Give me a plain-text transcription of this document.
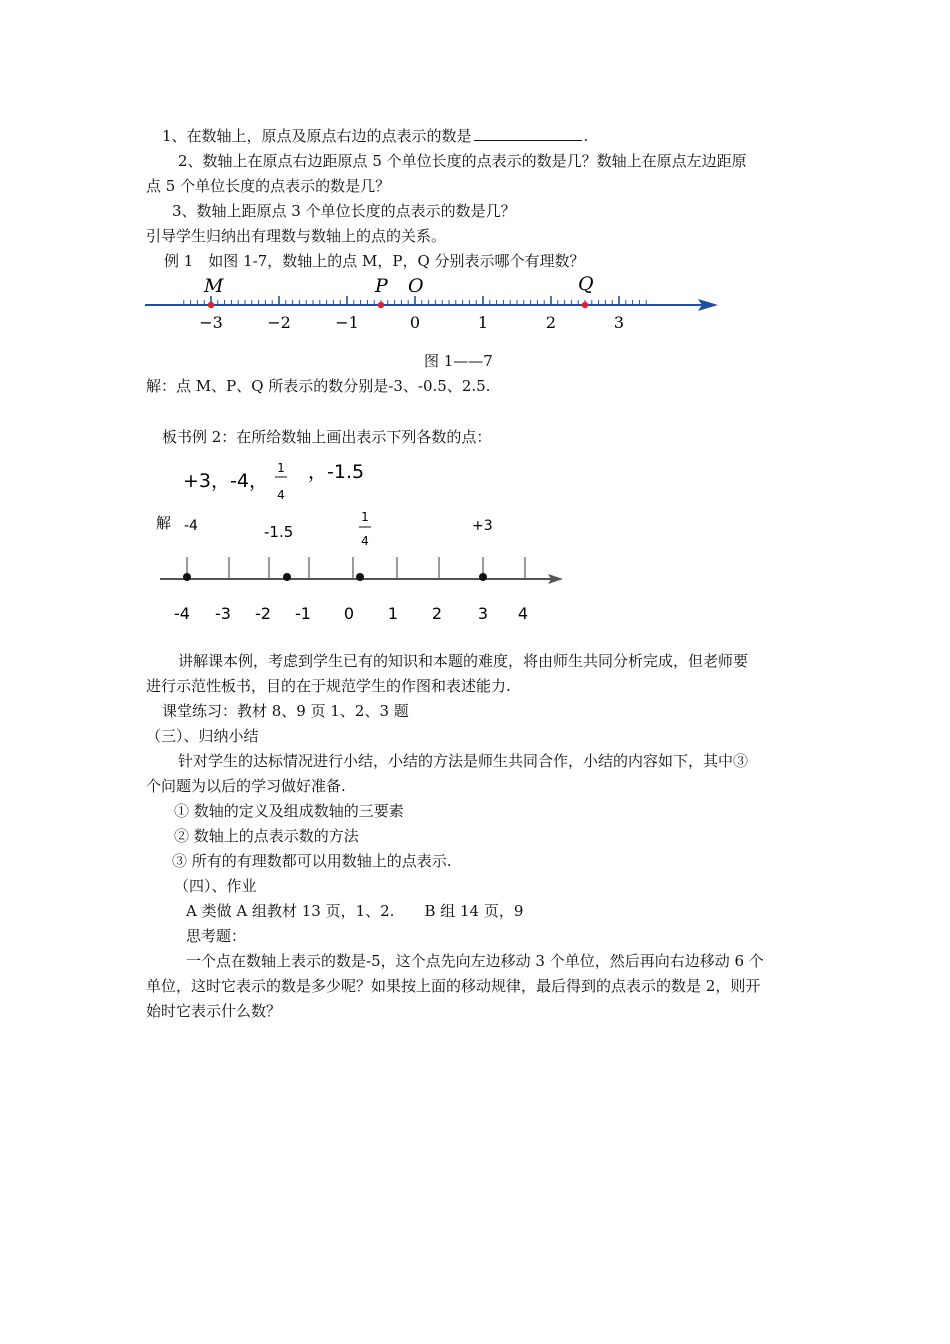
1、在数轴上，原点及原点右边的点表示的数是	.
2、数轴上在原点右边距原点 5 个单位长度的点表示的数是几？数轴上在原点左边距原
点 5 个单位长度的点表示的数是几？
3、数轴上距原点 3 个单位长度的点表示的数是几？
引导学生归纳出有理数与数轴上的点的关系。
例 1　如图 1-7，数轴上的点 M，P，Q 分别表示哪个有理数？
M	P O	Q
−3	−2	−1	0	1	2	3
图 1——7
解：点 M、P、Q 所表示的数分别是-3、-0.5、2.5.
板书例 2：在所给数轴上画出表示下列各数的点：
+3，-4，
1
4
，-1.5
解 -4	-1.5
1
4
+3
-4 -3 -2 -1 0 1 2 3 4
讲解课本例，考虑到学生已有的知识和本题的难度，将由师生共同分析完成，但老师要
进行示范性板书，目的在于规范学生的作图和表述能力.
课堂练习：教材 8、9 页 1、2、3 题
（三）、归纳小结
针对学生的达标情况进行小结，小结的方法是师生共同合作，小结的内容如下，其中③
个问题为以后的学习做好准备.
① 数轴的定义及组成数轴的三要素
② 数轴上的点表示数的方法
③ 所有的有理数都可以用数轴上的点表示.
（四）、作业
A 类做 A 组教材 13 页，1、2.　　B 组 14 页，9
思考题：
一个点在数轴上表示的数是-5，这个点先向左边移动 3 个单位，然后再向右边移动 6 个
单位，这时它表示的数是多少呢？如果按上面的移动规律，最后得到的点表示的数是 2，则开
始时它表示什么数？
